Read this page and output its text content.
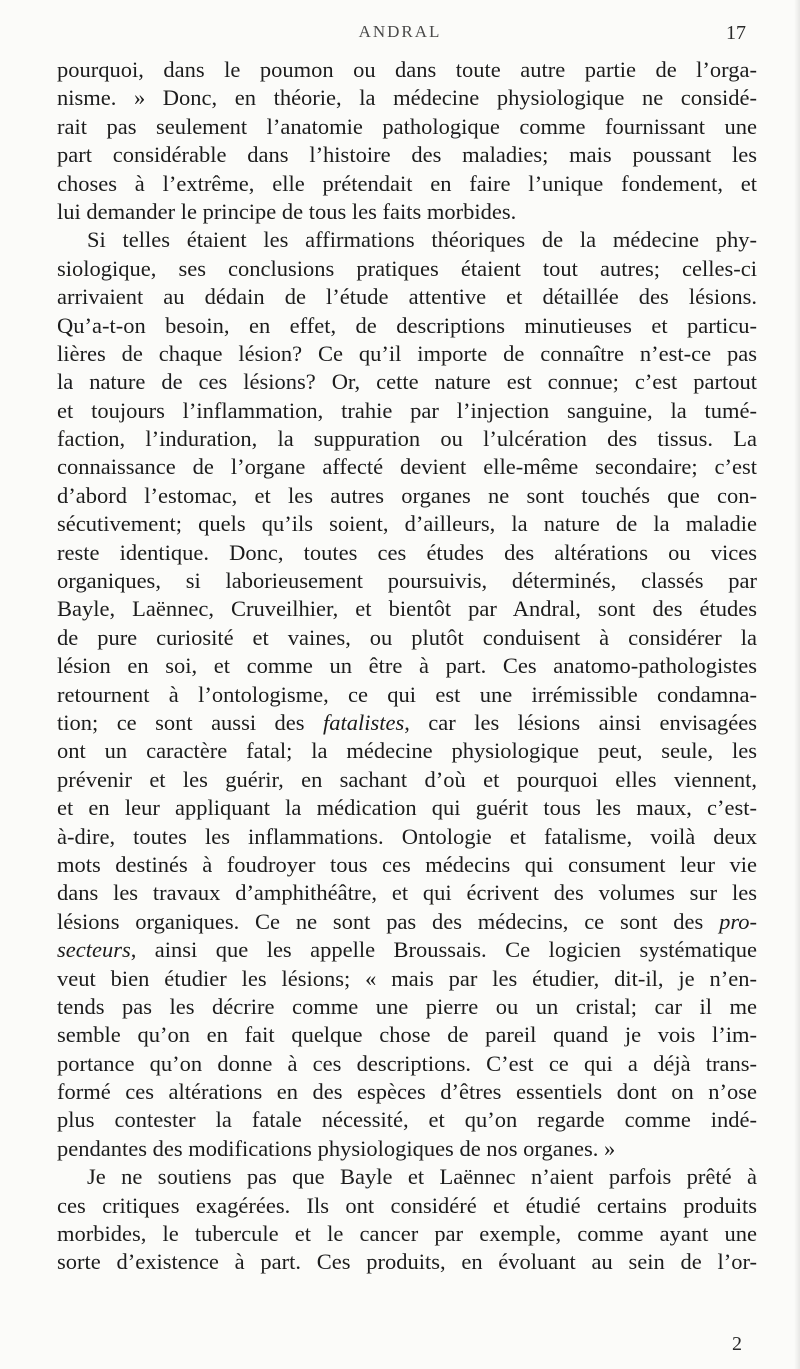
ANDRAL	17
pourquoi, dans le poumon ou dans toute autre partie de l’orga-
nisme. » Donc, en théorie, la médecine physiologique ne considé-
rait pas seulement l’anatomie pathologique comme fournissant une
part considérable dans l’histoire des maladies; mais poussant les
choses à l’extrême, elle prétendait en faire l’unique fondement, et
lui demander le principe de tous les faits morbides.
Si telles étaient les affirmations théoriques de la médecine phy-
siologique, ses conclusions pratiques étaient tout autres; celles-ci
arrivaient au dédain de l’étude attentive et détaillée des lésions.
Qu’a-t-on besoin, en effet, de descriptions minutieuses et particu-
lières de chaque lésion? Ce qu’il importe de connaître n’est-ce pas
la nature de ces lésions? Or, cette nature est connue; c’est partout
et toujours l’inflammation, trahie par l’injection sanguine, la tumé-
faction, l’induration, la suppuration ou l’ulcération des tissus. La
connaissance de l’organe affecté devient elle-même secondaire; c’est
d’abord l’estomac, et les autres organes ne sont touchés que con-
sécutivement; quels qu’ils soient, d’ailleurs, la nature de la maladie
reste identique. Donc, toutes ces études des altérations ou vices
organiques, si laborieusement poursuivis, déterminés, classés par
Bayle, Laënnec, Cruveilhier, et bientôt par Andral, sont des études
de pure curiosité et vaines, ou plutôt conduisent à considérer la
lésion en soi, et comme un être à part. Ces anatomo-pathologistes
retournent à l’ontologisme, ce qui est une irrémissible condamna-
tion; ce sont aussi des fatalistes, car les lésions ainsi envisagées
ont un caractère fatal; la médecine physiologique peut, seule, les
prévenir et les guérir, en sachant d’où et pourquoi elles viennent,
et en leur appliquant la médication qui guérit tous les maux, c’est-
à-dire, toutes les inflammations. Ontologie et fatalisme, voilà deux
mots destinés à foudroyer tous ces médecins qui consument leur vie
dans les travaux d’amphithéâtre, et qui écrivent des volumes sur les
lésions organiques. Ce ne sont pas des médecins, ce sont des pro-
secteurs, ainsi que les appelle Broussais. Ce logicien systématique
veut bien étudier les lésions; « mais par les étudier, dit-il, je n’en-
tends pas les décrire comme une pierre ou un cristal; car il me
semble qu’on en fait quelque chose de pareil quand je vois l’im-
portance qu’on donne à ces descriptions. C’est ce qui a déjà trans-
formé ces altérations en des espèces d’êtres essentiels dont on n’ose
plus contester la fatale nécessité, et qu’on regarde comme indé-
pendantes des modifications physiologiques de nos organes. »
Je ne soutiens pas que Bayle et Laënnec n’aient parfois prêté à
ces critiques exagérées. Ils ont considéré et étudié certains produits
morbides, le tubercule et le cancer par exemple, comme ayant une
sorte d’existence à part. Ces produits, en évoluant au sein de l’or-
2
